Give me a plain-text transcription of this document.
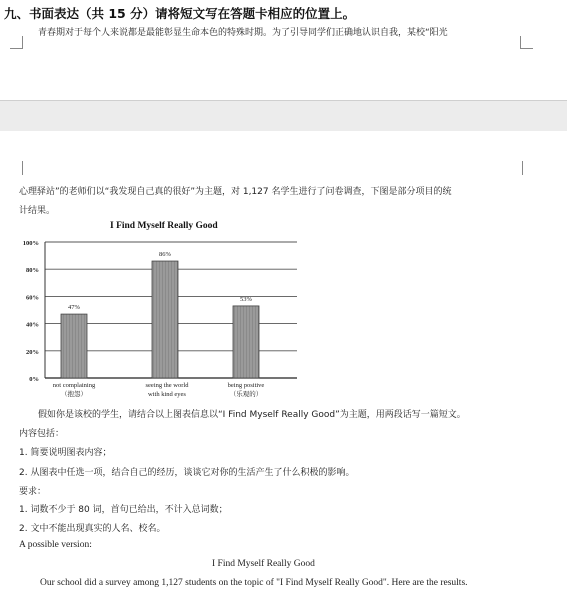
九、书面表达（共 15 分）请将短文写在答题卡相应的位置上。
青春期对于每个人来说都是最能彰显生命本色的特殊时期。为了引导同学们正确地认识自我，某校“阳光
心理驿站”的老师们以“我发现自己真的很好”为主题，对 1,127 名学生进行了问卷调查，下图是部分项目的统
计结果。
I Find Myself Really Good
0%
20%
40%
60%
80%
100%
47%
86%
53%
not complaining
（抱怨）
seeing the world
with kind eyes
being positive
（乐观的）
假如你是该校的学生，请结合以上图表信息以“I Find Myself Really Good”为主题，用两段话写一篇短文。
内容包括：
1. 简要说明图表内容；
2. 从图表中任选一项，结合自己的经历，谈谈它对你的生活产生了什么积极的影响。
要求：
1. 词数不少于 80 词，首句已给出，不计入总词数；
2. 文中不能出现真实的人名、校名。
A possible version:
I Find Myself Really Good
Our school did a survey among 1,127 students on the topic of "I Find Myself Really Good". Here are the results.
